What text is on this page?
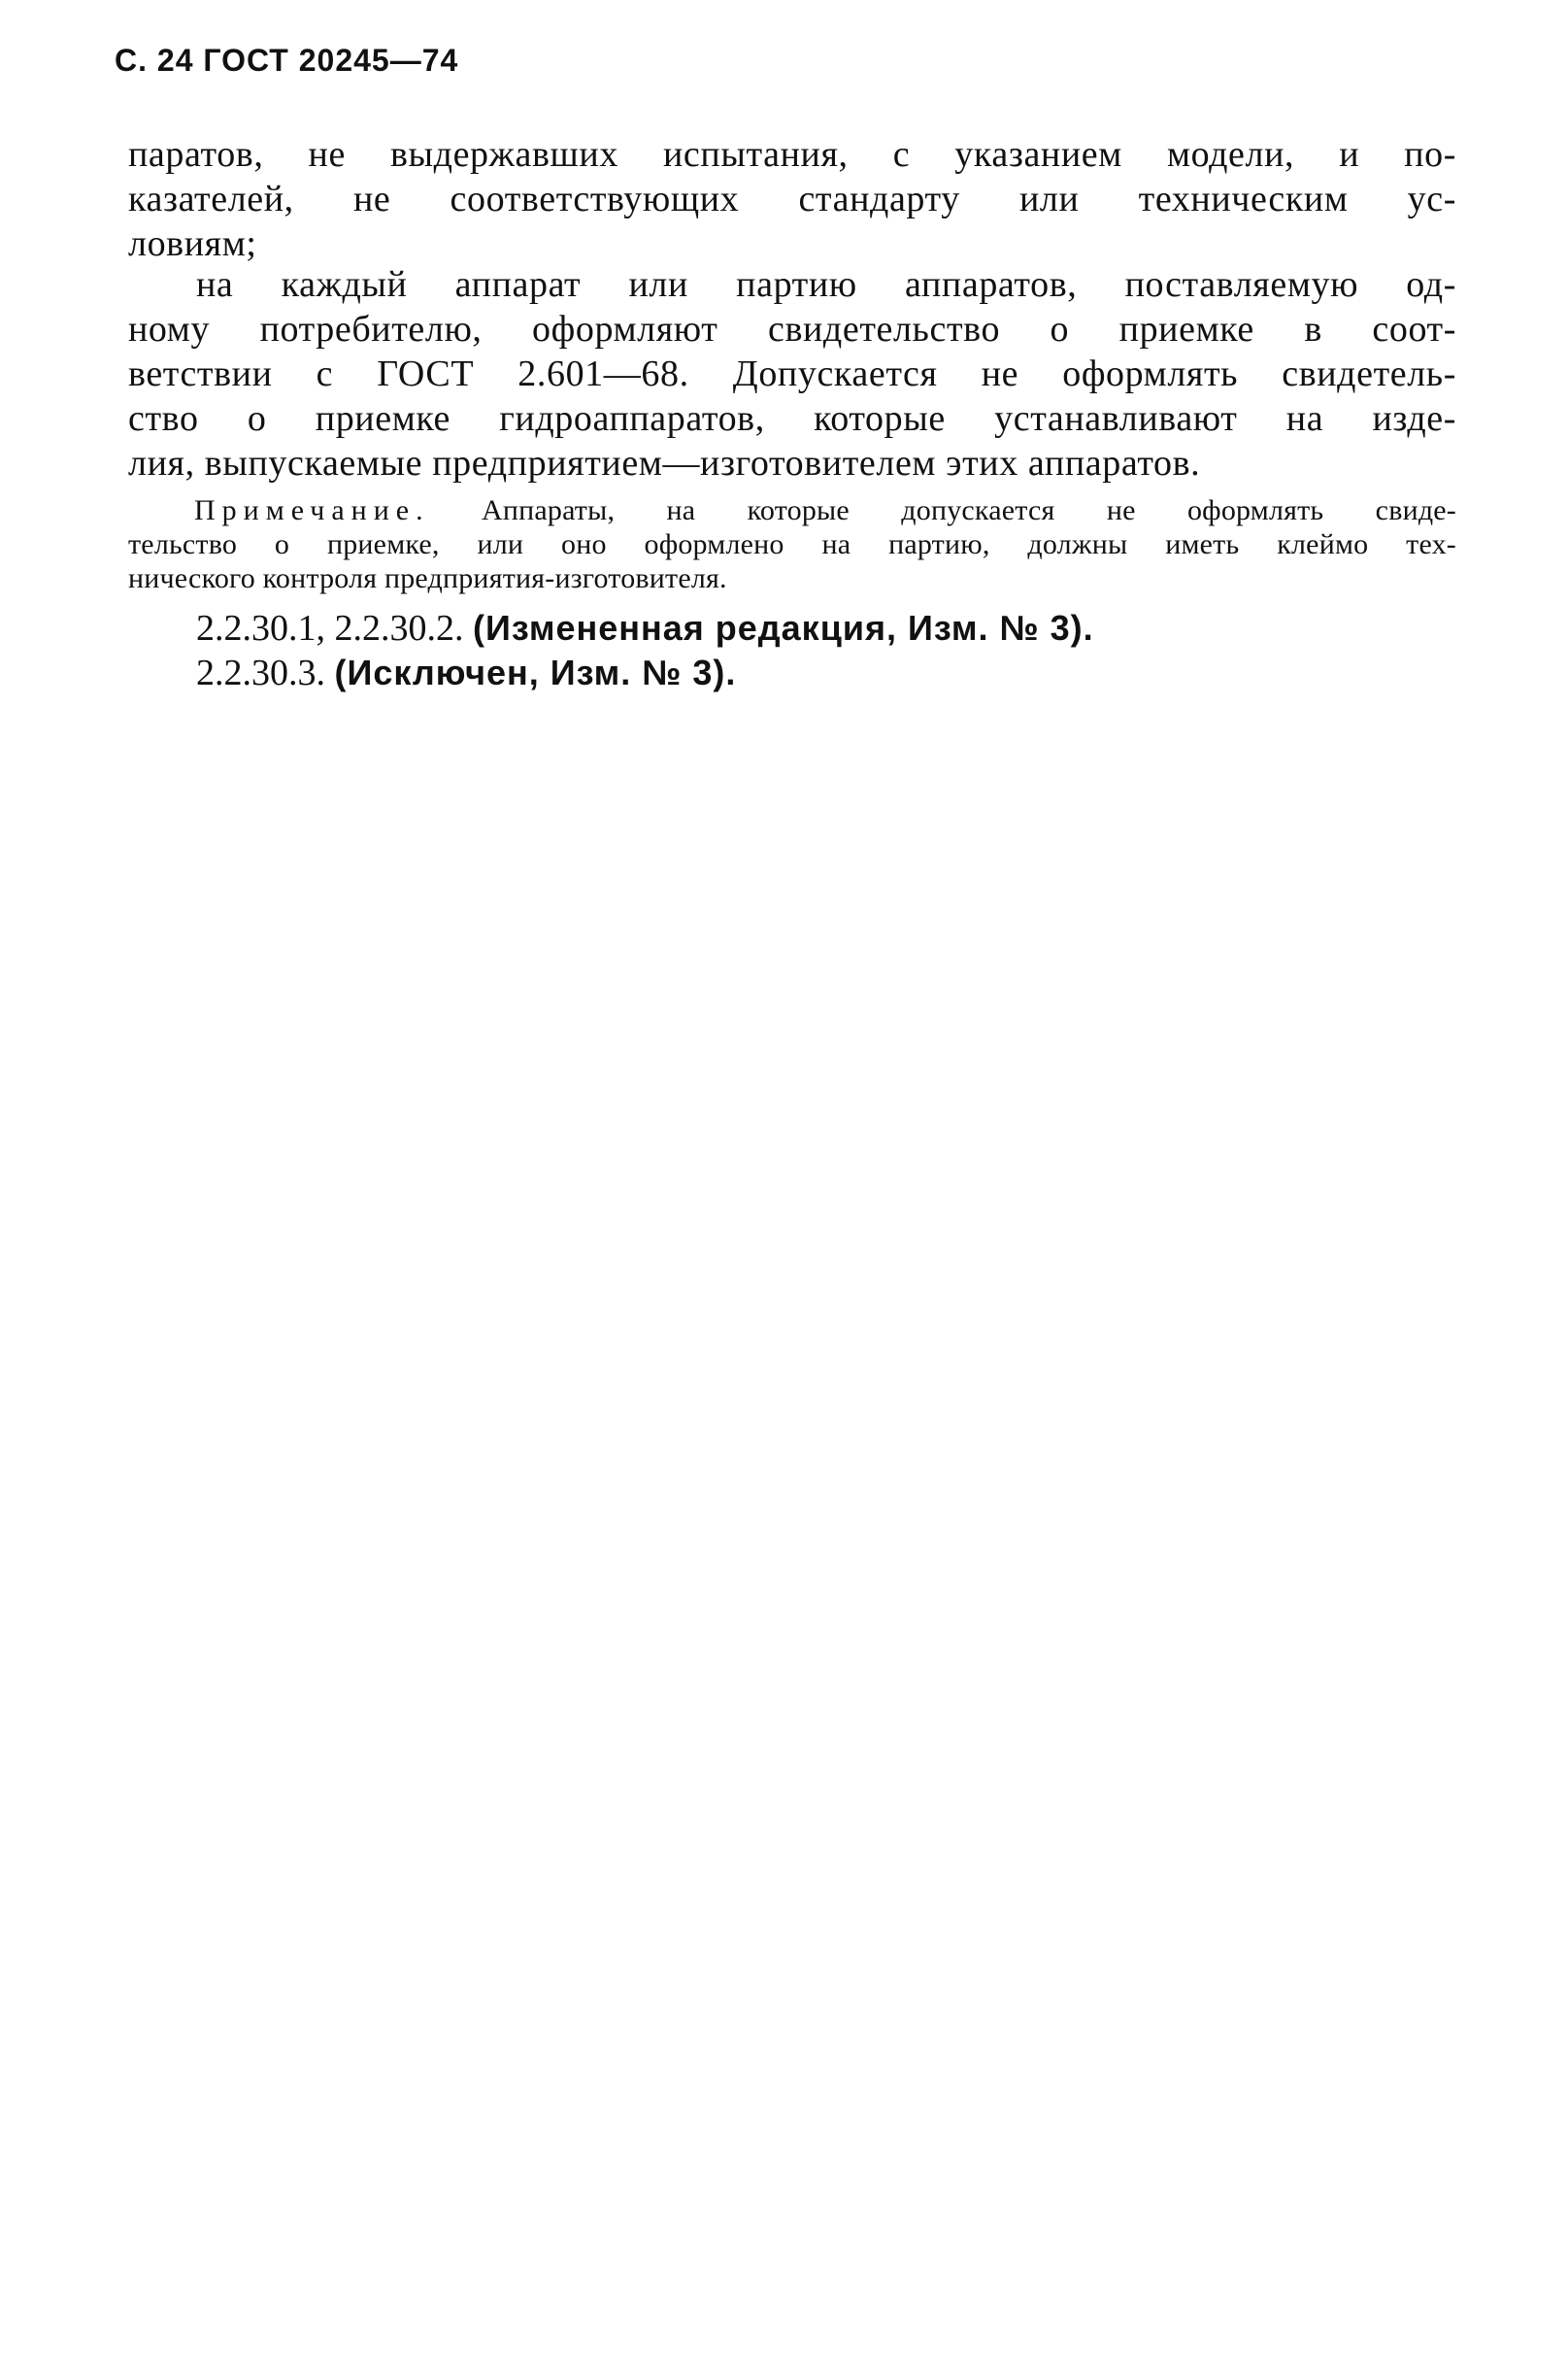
С. 24 ГОСТ 20245—74
паратов, не выдержавших испытания, с указанием модели, и по-
казателей, не соответствующих стандарту или техническим ус-
ловиям;
на каждый аппарат или партию аппаратов, поставляемую од-
ному потребителю, оформляют свидетельство о приемке в соот-
ветствии с ГОСТ 2.601—68. Допускается не оформлять свидетель-
ство о приемке гидроаппаратов, которые устанавливают на изде-
лия, выпускаемые предприятием—изготовителем этих аппаратов.
Примечание. Аппараты, на которые допускается не оформлять свиде-
тельство о приемке, или оно оформлено на партию, должны иметь клеймо тех-
нического контроля предприятия-изготовителя.
2.2.30.1, 2.2.30.2. (Измененная редакция, Изм. № 3).
2.2.30.3. (Исключен, Изм. № 3).
